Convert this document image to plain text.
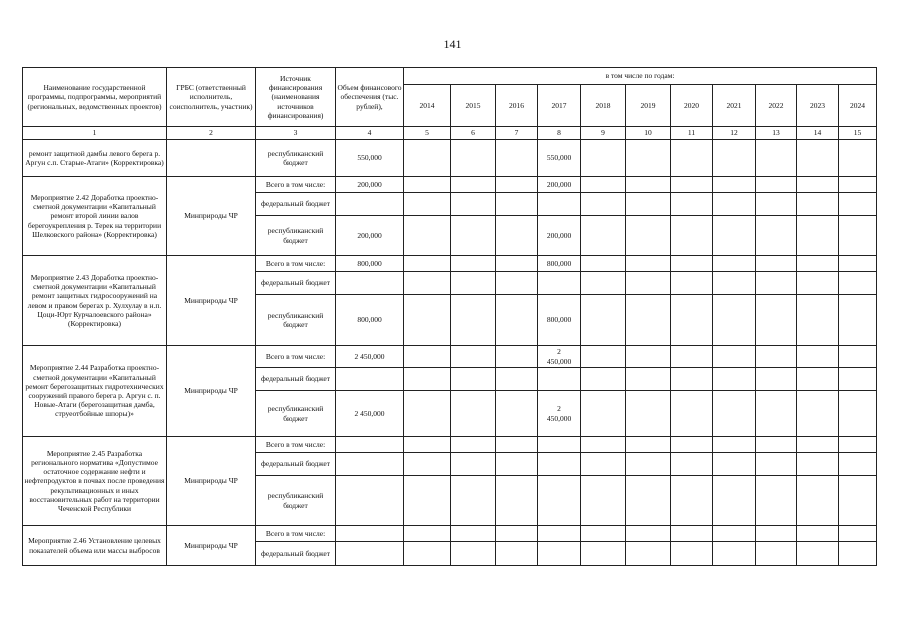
141
Наименование государственной программы, подпрограммы, мероприятий (региональных, ведомственных проектов)	ГРБС (ответственный исполнитель, соисполнитель, участник)	Источник финансирования (наименования источников финансирования)	Объем финансового обеспечения (тыс. рублей),	в том числе по годам:										
				2014	2015	2016	2017	2018	2019	2020	2021	2022	2023	2024
1	2	3	4	5	6	7	8	9	10	11	12	13	14	15
ремонт защитной дамбы левого берега р. Аргун с.п. Старые-Атаги» (Корректировка)		республиканский бюджет	550,000				550,000							
Мероприятие 2.42 Доработка проектно-сметной документации «Капитальный ремонт второй линии валов берегоукрепления р. Терек на территории Шелковского района» (Корректировка)	Минприроды ЧР	Всего в том числе:	200,000				200,000							
		федеральный бюджет												
		республиканский бюджет	200,000				200,000							
Мероприятие 2.43 Доработка проектно-сметной документации «Капитальный ремонт защитных гидросооружений на левом и правом берегах р. Хулхулау в н.п. Цоци-Юрт Курчалоевского района» (Корректировка)	Минприроды ЧР	Всего в том числе:	800,000				800,000							
		федеральный бюджет												
		республиканский бюджет	800,000				800,000							
Мероприятие 2.44 Разработка проектно-сметной документации «Капитальный ремонт берегозащитных гидротехнических сооружений правого берега р. Аргун с. п. Новые-Атаги (берегозащитная дамба, струеотбойные шпоры)»	Минприроды ЧР	Всего в том числе:	2 450,000				2
450,000							
		федеральный бюджет												
		республиканский бюджет	2 450,000				2
450,000							
Мероприятие 2.45 Разработка регионального норматива «Допустимое остаточное содержание нефти и нефтепродуктов в почвах после проведения рекультивационных и иных восстановительных работ на территории Чеченской Республики	Минприроды ЧР	Всего в том числе:												
		федеральный бюджет												
		республиканский бюджет												
Мероприятие 2.46 Установление целевых показателей объема или массы выбросов	Минприроды ЧР	Всего в том числе:												
		федеральный бюджет												
